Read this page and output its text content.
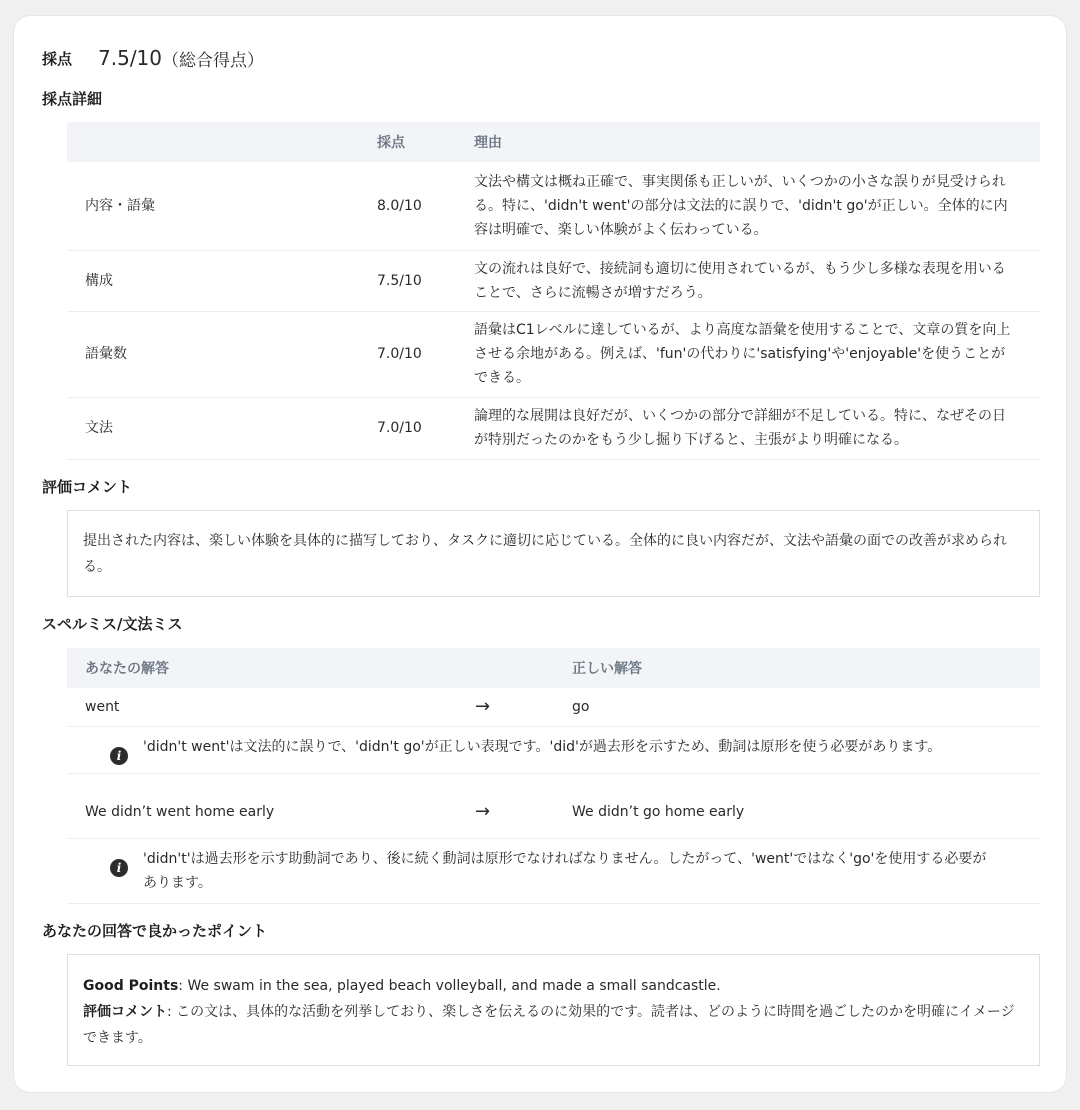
採点 7.5/10 （総合得点）
採点詳細
	採点	理由
内容・語彙	8.0/10	文法や構文は概ね正確で、事実関係も正しいが、いくつかの小さな誤りが見受けられる。特に、'didn't went'の部分は文法的に誤りで、'didn't go'が正しい。全体的に内容は明確で、楽しい体験がよく伝わっている。
構成	7.5/10	文の流れは良好で、接続詞も適切に使用されているが、もう少し多様な表現を用いることで、さらに流暢さが増すだろう。
語彙数	7.0/10	語彙はC1レベルに達しているが、より高度な語彙を使用することで、文章の質を向上させる余地がある。例えば、'fun'の代わりに'satisfying'や'enjoyable'を使うことができる。
文法	7.0/10	論理的な展開は良好だが、いくつかの部分で詳細が不足している。特に、なぜその日が特別だったのかをもう少し掘り下げると、主張がより明確になる。
評価コメント
提出された内容は、楽しい体験を具体的に描写しており、タスクに適切に応じている。全体的に良い内容だが、文法や語彙の面での改善が求められる。
スペルミス/文法ミス
あなたの解答		正しい解答
went	→	go

i
'didn't went'は文法的に誤りで、'didn't go'が正しい表現です。'did'が過去形を示すため、動詞は原形を使う必要があります。		

We didn’t went home early	→	We didn’t go home early

i
'didn't'は過去形を示す助動詞であり、後に続く動詞は原形でなければなりません。したがって、'went'ではなく'go'を使用する必要があります。		
あなたの回答で良かったポイント
Good Points: We swam in the sea, played beach volleyball, and made a small sandcastle.
評価コメント: この文は、具体的な活動を列挙しており、楽しさを伝えるのに効果的です。読者は、どのように時間を過ごしたのかを明確にイメージできます。
